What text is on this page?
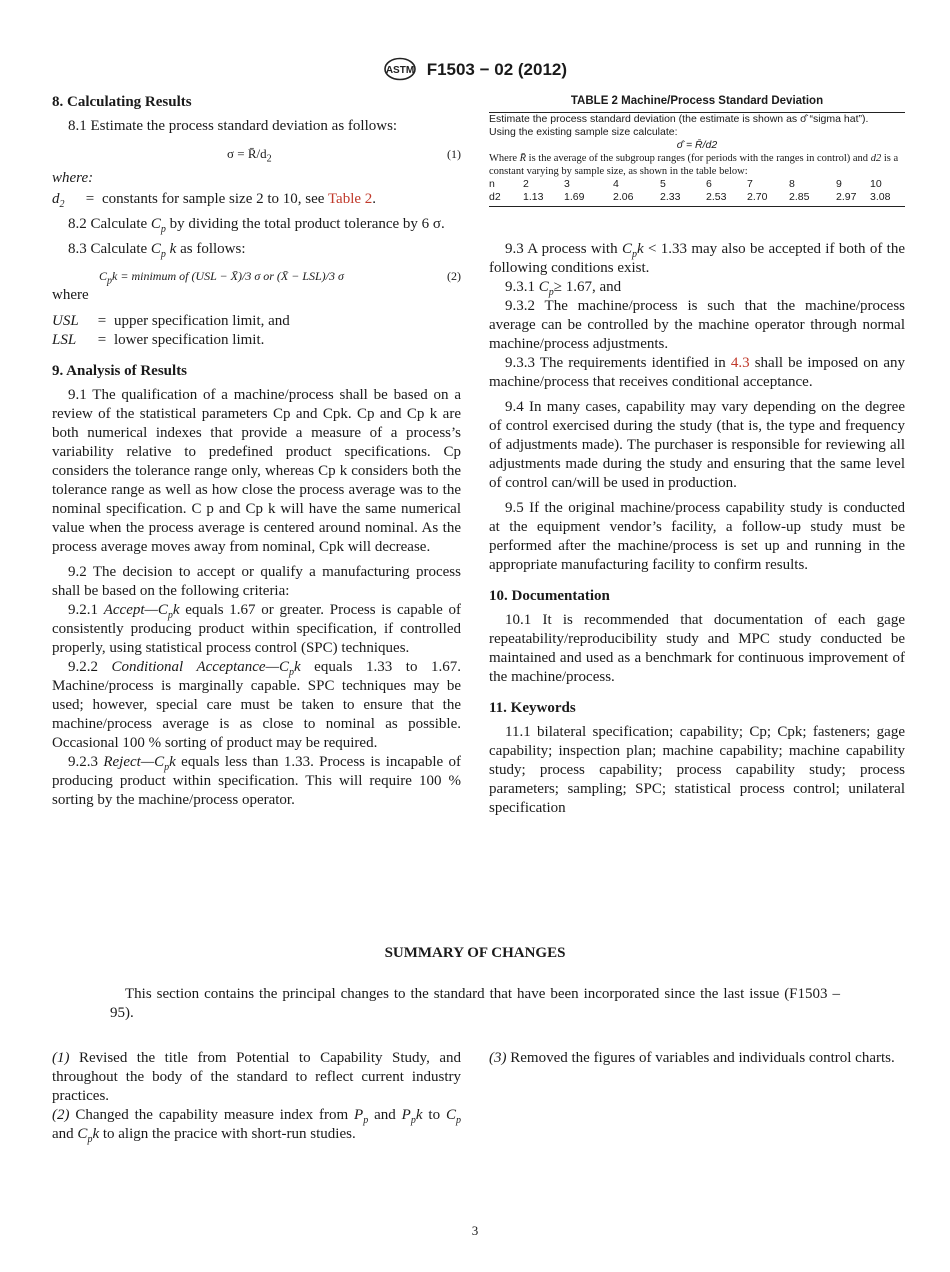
ASTM F1503 − 02 (2012)
8. Calculating Results

8.1 Estimate the process standard deviation as follows:

$\sigma = R̄/d_2$	(1)

where:

$d_2$	= constants for sample size 2 to 10, see Table 2.

8.2 Calculate $C_p$ by dividing the total product tolerance by 6 σ.

8.3 Calculate $C_p$ k as follows:

$C_pk$ = minimum of (USL − X̄)/3 σ or (X̄ − LSL)/3 σ	(2)

where

USL	= upper specification limit, and
LSL	= lower specification limit.
9. Analysis of Results

9.1 The qualification of a machine/process shall be based on a review of the statistical parameters Cp and Cpk. Cp and Cp k are both numerical indexes that provide a measure of a process’s variability relative to predefined product specifications. Cp considers the tolerance range only, whereas Cp k considers both the tolerance range as well as how close the process average was to the nominal specification. C p and Cp k will have the same numerical value when the process average is centered around nominal. As the process average moves away from nominal, Cpk will decrease.

9.2 The decision to accept or qualify a manufacturing process shall be based on the following criteria:

9.2.1 $Accept—C_pk$ equals 1.67 or greater. Process is capable of consistently producing product within specification, if controlled properly, using statistical process control (SPC) techniques.

9.2.2 Conditional $Acceptance—C_pk$ equals 1.33 to 1.67. Machine/process is marginally capable. SPC techniques may be used; however, special care must be taken to ensure that the machine/process average is as close to nominal as possible. Occasional 100 % sorting of product may be required.

9.2.3 $Reject—C_pk$ equals less than 1.33. Process is incapable of producing product within specification. This will require 100 % sorting by the machine/process operator.

TABLE 2 Machine/Process Standard Deviation
Estimate the process standard deviation (the estimate is shown as σ̂ “sigma hat”).
Using the existing sample size calculate:
σ̂ = R̄/d2
Where R̄ is the average of the subgroup ranges (for periods with the ranges in control) and d2 is a constant varying by sample size, as shown in the table below:
n	2	3	4	5	6	7	8	9	10
d2	1.13	1.69	2.06	2.33	2.53	2.70	2.85	2.97	3.08

9.3 A process with $C_pk < 1.33$ may also be accepted if both of the following conditions exist.

9.3.1 $C_p\ge 1.67$, and

9.3.2 The machine/process is such that the machine/process average can be controlled by the machine operator through normal machine/process adjustments.

9.3.3 The requirements identified in 4.3 shall be imposed on any machine/process that receives conditional acceptance.

9.4 In many cases, capability may vary depending on the degree of control exercised during the study (that is, the type and frequency of adjustments made). The purchaser is responsible for reviewing all adjustments made during the study and ensuring that the same level of control can/will be used in production.

9.5 If the original machine/process capability study is conducted at the equipment vendor’s facility, a follow-up study must be performed after the machine/process is set up and running in the appropriate manufacturing facility to confirm results.

10. Documentation

10.1 It is recommended that documentation of each gage repeatability/reproducibility study and MPC study conducted be maintained and used as a benchmark for continuous improvement of the machine/process.

11. Keywords

11.1 bilateral specification; capability; Cp; Cpk; fasteners; gage capability; inspection plan; machine capability; machine capability study; process capability; process capability study; process parameters; sampling; SPC; statistical process control; unilateral specification

SUMMARY OF CHANGES

This section contains the principal changes to the standard that have been incorporated since the last issue (F1503 – 95).

(1) Revised the title from Potential to Capability Study, and throughout the body of the standard to reflect current industry practices.

(2) Changed the capability measure index from $P_p$ and $P_pk$ to $C_p$ and $C_pk$ to align the pracice with short-run studies.

(3) Removed the figures of variables and individuals control charts.

3
